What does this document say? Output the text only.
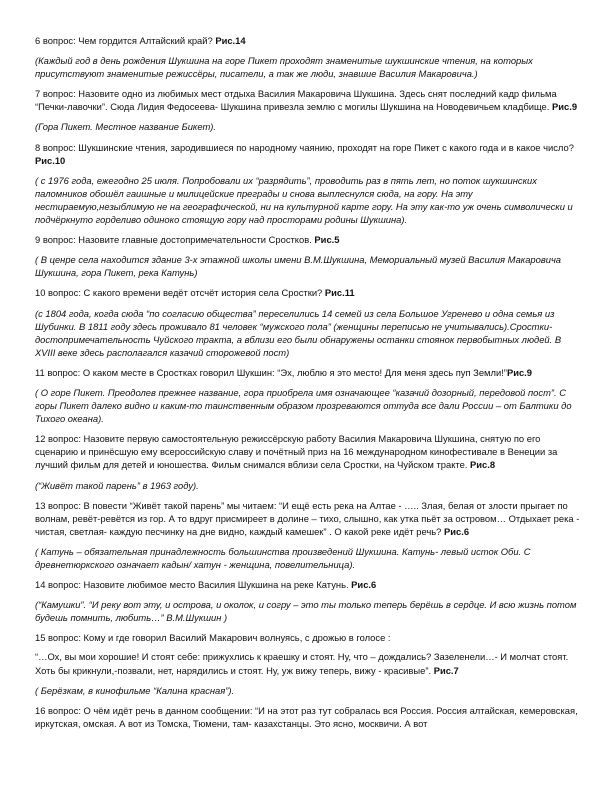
6 вопрос: Чем гордится Алтайский край? Рис.14

(Каждый год в день рождения Шукшина на горе Пикет проходят знаменитые шукшинские чтения, на которых присутствуют знаменитые режиссёры, писатели, а так же люди, знавшие Василия Макаровича.)

7 вопрос: Назовите одно из любимых мест отдыха Василия Макаровича Шукшина. Здесь снят последний кадр фильма “Печки-лавочки”. Сюда Лидия Федосеева- Шукшина привезла землю с могилы Шукшина на Новодевичьем кладбище. Рис.9

(Гора Пикет. Местное название Бикет).

8 вопрос: Шукшинские чтения, зародившиеся по народному чаянию, проходят на горе Пикет с какого года и в какое число? Рис.10

( с 1976 года, ежегодно 25 июля. Попробовали их “разрядить”, проводить раз в пять лет, но поток шукшинских паломников обошёл гаишные и милицейские преграды и снова выплеснулся сюда, на гору. На эту нестираемую,незыблимую не на географической, ни на культурной карте гору. На эту как-то уж очень символически и подчёркнуто горделиво одиноко стоящую гору над просторами родины Шукшина).

9 вопрос: Назовите главные достопримечательности Сростков. Рис.5

( В ценре села находится здание 3-х этажной школы имени В.М.Шукшина, Мемориальный музей Василия Макаровича Шукшина, гора Пикет, река Катунь)

10 вопрос: С какого времени ведёт отсчёт история села Сростки? Рис.11

(с 1804 года, когда сюда “по согласию общества” переселились 14 семей из села Большое Угренево и одна семья из Шубинки. В 1811 году здесь проживало 81 человек “мужского пола” (женщины переписью не учитывались).Сростки- достопримечательность Чуйского тракта, а вблизи его были обнаружены останки стоянок первобытных людей. В XVIII веке здесь располагался казачий сторожевой пост)

11 вопрос: О каком месте в Сростках говорил Шукшин: “Эх, люблю я это место! Для меня здесь пуп Земли!”Рис.9

( О горе Пикет. Преодолев прежнее название, гора приобрела имя означающее “казачий дозорный, передовой пост”. С горы Пикет далеко видно и каким-то таинственным образом прозреваются оттуда все дали России – от Балтики до Тихого океана).

12 вопрос: Назовите первую самостоятельную режиссёрскую работу Василия Макаровича Шукшина, снятую по его сценарию и принёсшую ему всероссийскую славу и почётный приз на 16 международном кинофестивале в Венеции за лучший фильм для детей и юношества. Фильм снимался вблизи села Сростки, на Чуйском тракте. Рис.8

(“Живёт такой парень” в 1963 году).

13 вопрос: В повести “Живёт такой парень” мы читаем: “И ещё есть река на Алтае - ….. Злая, белая от злости прыгает по волнам, ревёт-ревётся из гор. А то вдруг присмиреет в долине – тихо, слышно, как утка пьёт за островом… Отдыхает река - чистая, светлая- каждую песчинку на дне видно, каждый камешек” . О какой реке идёт речь? Рис.6

( Катунь – обязательная принадлежность большинства произведений Шукшина. Катунь- левый исток Оби. С древнетюркского означает кадын/ хатун - женщина, повелительница).

14 вопрос: Назовите любимое место Василия Шукшина на реке Катунь. Рис.6

(“Камушки”. “И реку вот эту, и острова, и околок, и согру – это ты только теперь берёшь в сердце. И всю жизнь потом будешь помнить, любить…” В.М.Шукшин )

15 вопрос: Кому и где говорил Василий Макарович волнуясь, с дрожью в голосе :

“…Ох, вы мои хорошие! И стоят себе: прижухлись к краешку и стоят. Ну, что – дождались? Зазеленели…- И молчат стоят. Хоть бы крикнули,-позвали, нет, нарядились и стоят. Ну, уж вижу теперь, вижу - красивые”. Рис.7

( Берёзкам, в кинофильме “Калина красная”).

16 вопрос: О чём идёт речь в данном сообщении: “И на этот раз тут собралась вся Россия. Россия алтайская, кемеровская, иркутская, омская. А вот из Томска, Тюмени, там- казахстанцы. Это ясно, москвичи. А вот
